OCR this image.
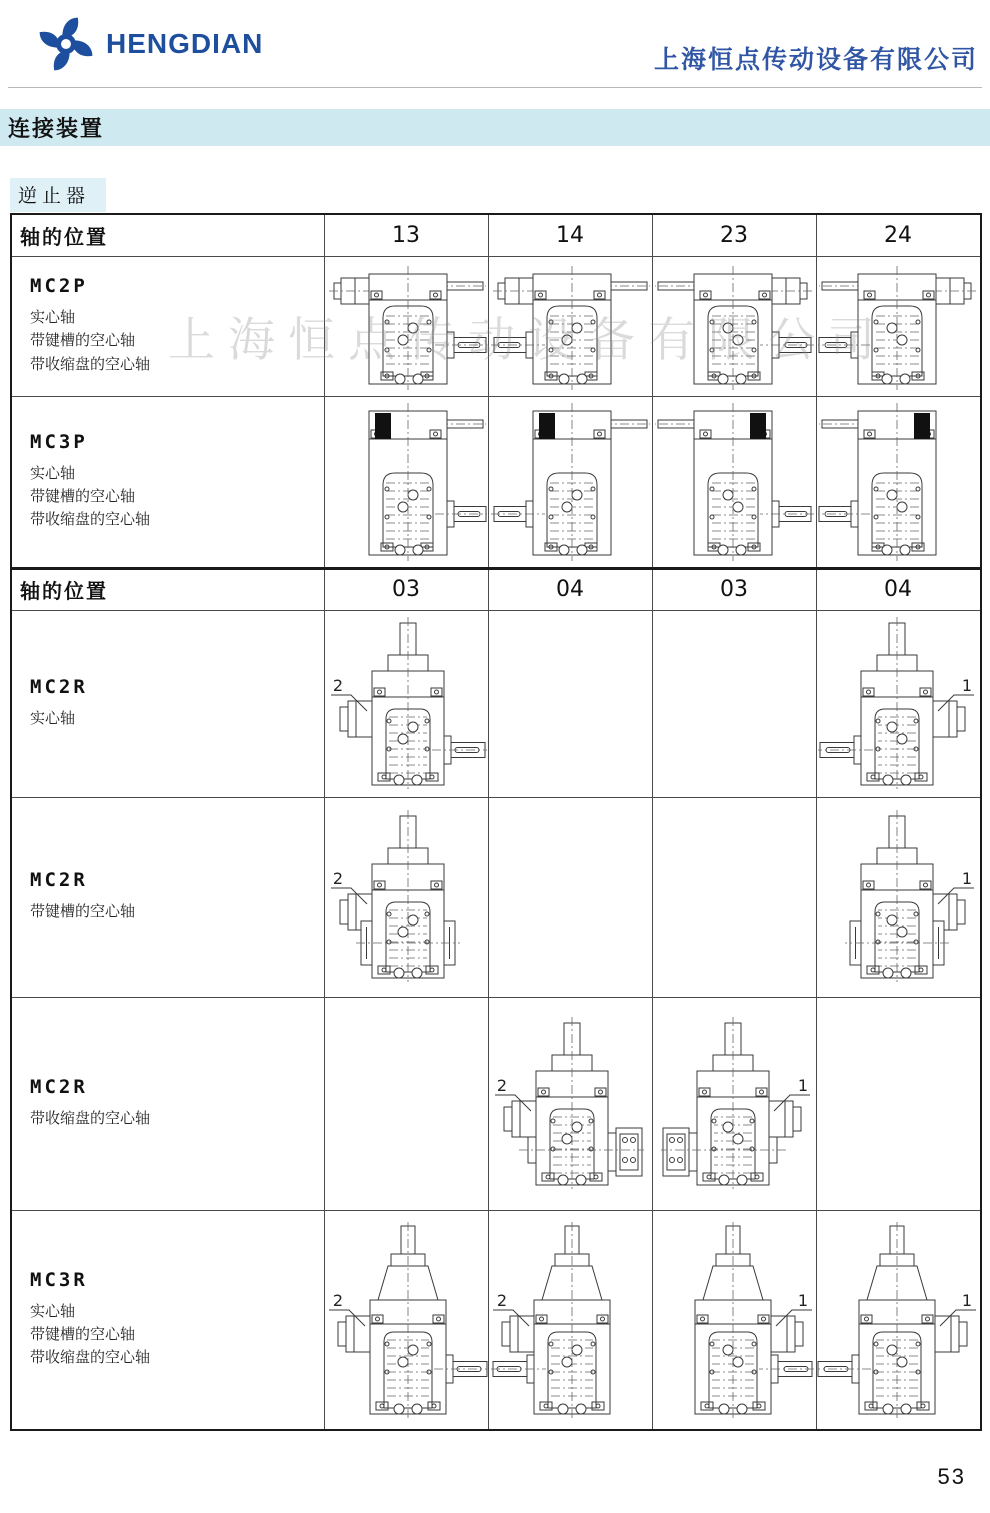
HENGDIAN
上海恒点传动设备有限公司
连接装置
逆止器
轴的位置	13	14	23	24

MC2P
实心轴
带键槽的空心轴
带收缩盘的空心轴

MC3P
实心轴
带键槽的空心轴
带收缩盘的空心轴

轴的位置	03	04	03	04

MC2R
实心轴	2			1

MC2R
带键槽的空心轴	2			1

MC2R
带收缩盘的空心轴		2	1	

MC3R
实心轴
带键槽的空心轴
带收缩盘的空心轴	2	2	1	1
上海恒点传动设备有限公司
53
